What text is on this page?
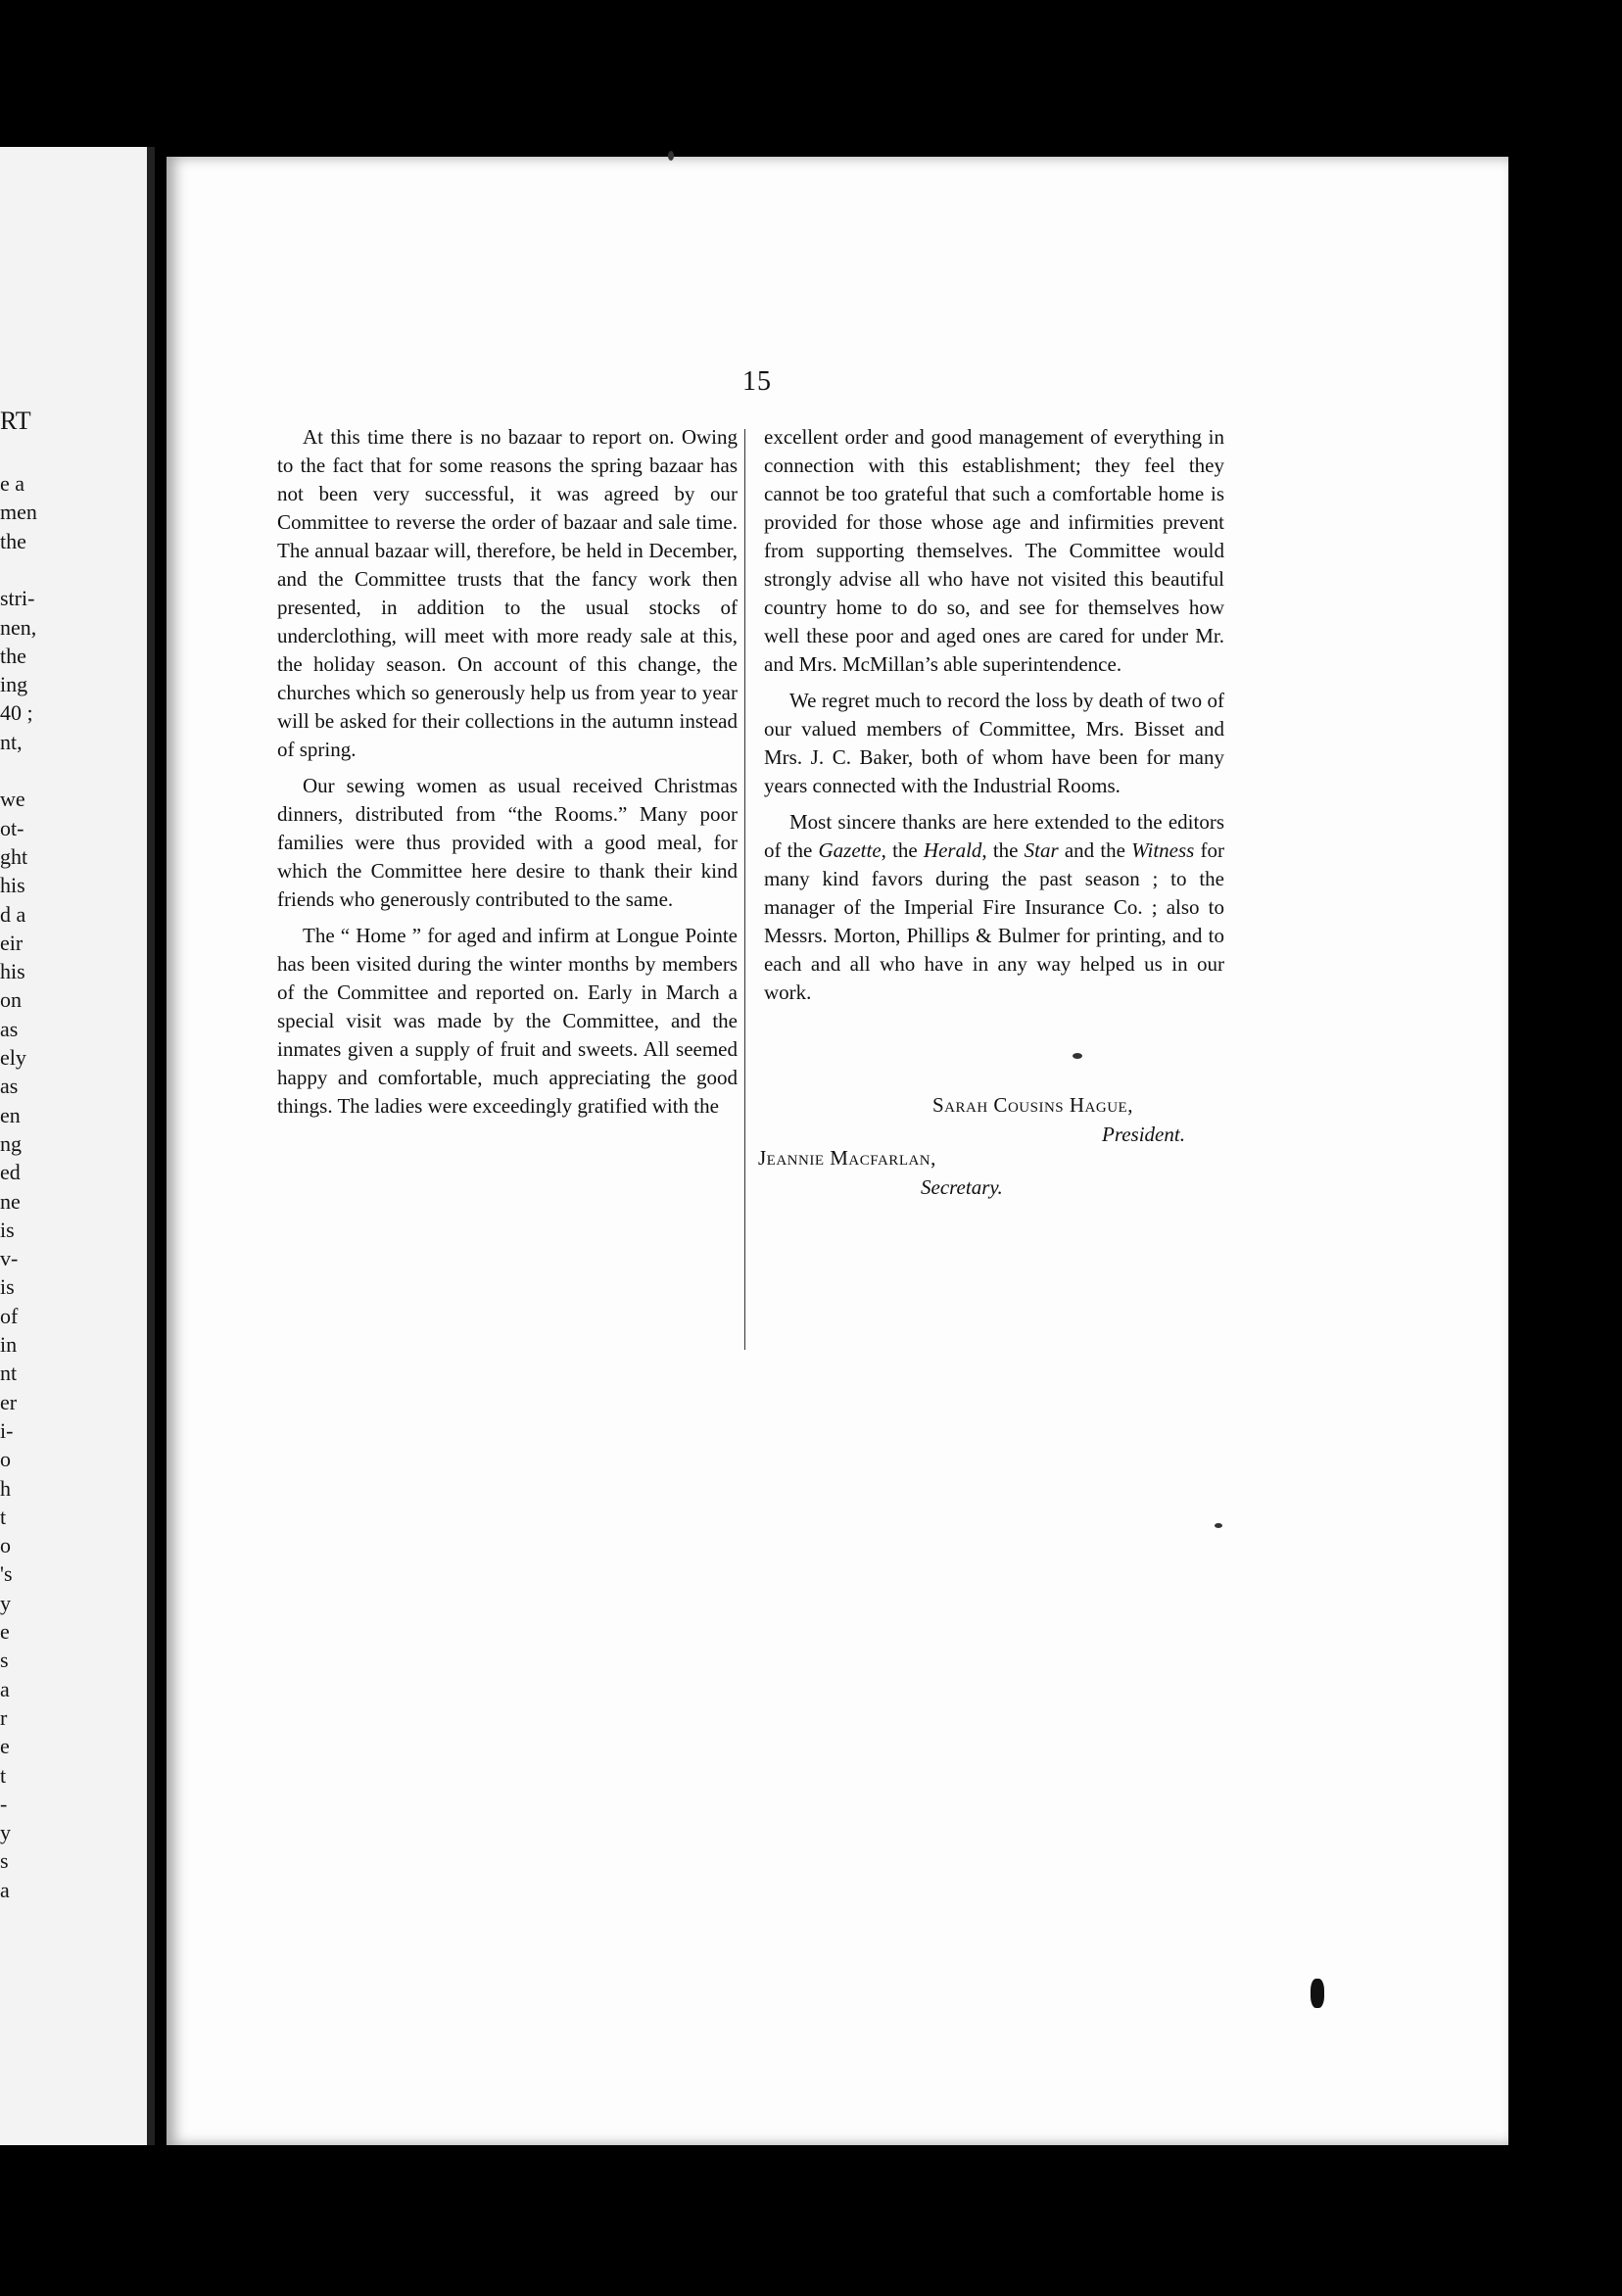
RT
e a
men
the
stri-
nen,
the
ing
40 ;
nt,
we
ot-
ght
his
d a
eir
his
on
as
ely
as
en
ng
ed
ne
is
v-
is
of
in
nt
er
i-
o
h
t
o
's
y
e
s
a
r
e
t
-
y
s
a
15

At this time there is no bazaar to report on. Owing to the fact that for some reasons the spring bazaar has not been very successful, it was agreed by our Committee to reverse the order of bazaar and sale time. The annual bazaar will, therefore, be held in December, and the Committee trusts that the fancy work then presented, in addition to the usual stocks of underclothing, will meet with more ready sale at this, the holiday season. On account of this change, the churches which so generously help us from year to year will be asked for their collections in the autumn instead of spring.

Our sewing women as usual received Christmas dinners, distributed from “the Rooms.” Many poor families were thus provided with a good meal, for which the Committee here desire to thank their kind friends who generously contributed to the same.

The “ Home ” for aged and infirm at Longue Pointe has been visited during the winter months by members of the Committee and reported on. Early in March a special visit was made by the Committee, and the inmates given a supply of fruit and sweets. All seemed happy and comfortable, much appreciating the good things. The ladies were exceedingly gratified with the

excellent order and good management of everything in connection with this establishment; they feel they cannot be too grateful that such a comfortable home is provided for those whose age and infirmities prevent from supporting themselves. The Committee would strongly advise all who have not visited this beautiful country home to do so, and see for themselves how well these poor and aged ones are cared for under Mr. and Mrs. McMillan’s able superintendence.

We regret much to record the loss by death of two of our valued members of Committee, Mrs. Bisset and Mrs. J. C. Baker, both of whom have been for many years connected with the Industrial Rooms.

Most sincere thanks are here extended to the editors of the Gazette, the Herald, the Star and the Witness for many kind favors during the past season ; to the manager of the Imperial Fire Insurance Co. ; also to Messrs. Morton, Phillips & Bulmer for printing, and to each and all who have in any way helped us in our work.

Sarah Cousins Hague,
President.
Jeannie Macfarlan,
Secretary.
